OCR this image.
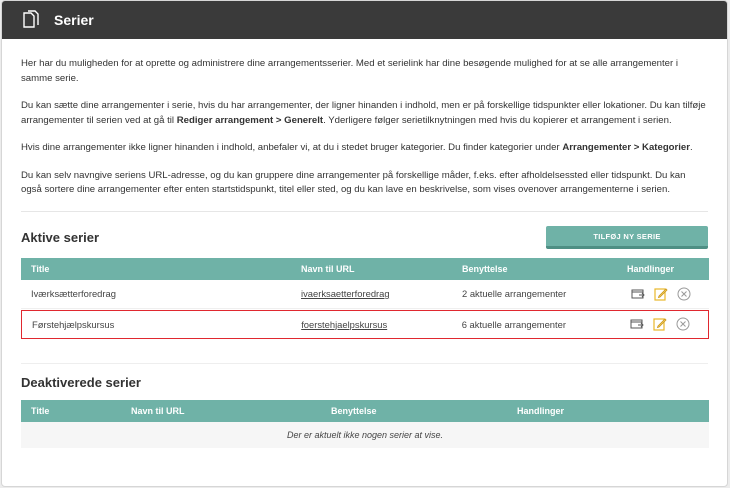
Serier

Her har du muligheden for at oprette og administrere dine arrangementsserier. Med et serielink har dine besøgende mulighed for at se alle arrangementer i samme serie.

Du kan sætte dine arrangementer i serie, hvis du har arrangementer, der ligner hinanden i indhold, men er på forskellige tidspunkter eller lokationer. Du kan tilføje arrangementer til serien ved at gå til Rediger arrangement > Generelt. Yderligere følger serietilknytningen med hvis du kopierer et arrangement i serien.

Hvis dine arrangementer ikke ligner hinanden i indhold, anbefaler vi, at du i stedet bruger kategorier. Du finder kategorier under Arrangementer > Kategorier.

Du kan selv navngive seriens URL-adresse, og du kan gruppere dine arrangementer på forskellige måder, f.eks. efter afholdelsessted eller tidspunkt. Du kan også sortere dine arrangementer efter enten startstidspunkt, titel eller sted, og du kan lave en beskrivelse, som vises ovenover arrangementerne i serien.

Aktive serier	TILFØJ NY SERIE
Title	Navn til URL	Benyttelse	Handlinger
Iværksætterforedrag	ivaerksaetterforedrag	2 aktuelle arrangementer
Førstehjælpskursus	foerstehjaelpskursus	6 aktuelle arrangementer
Deaktiverede serier
Title	Navn til URL	Benyttelse	Handlinger
Der er aktuelt ikke nogen serier at vise.
